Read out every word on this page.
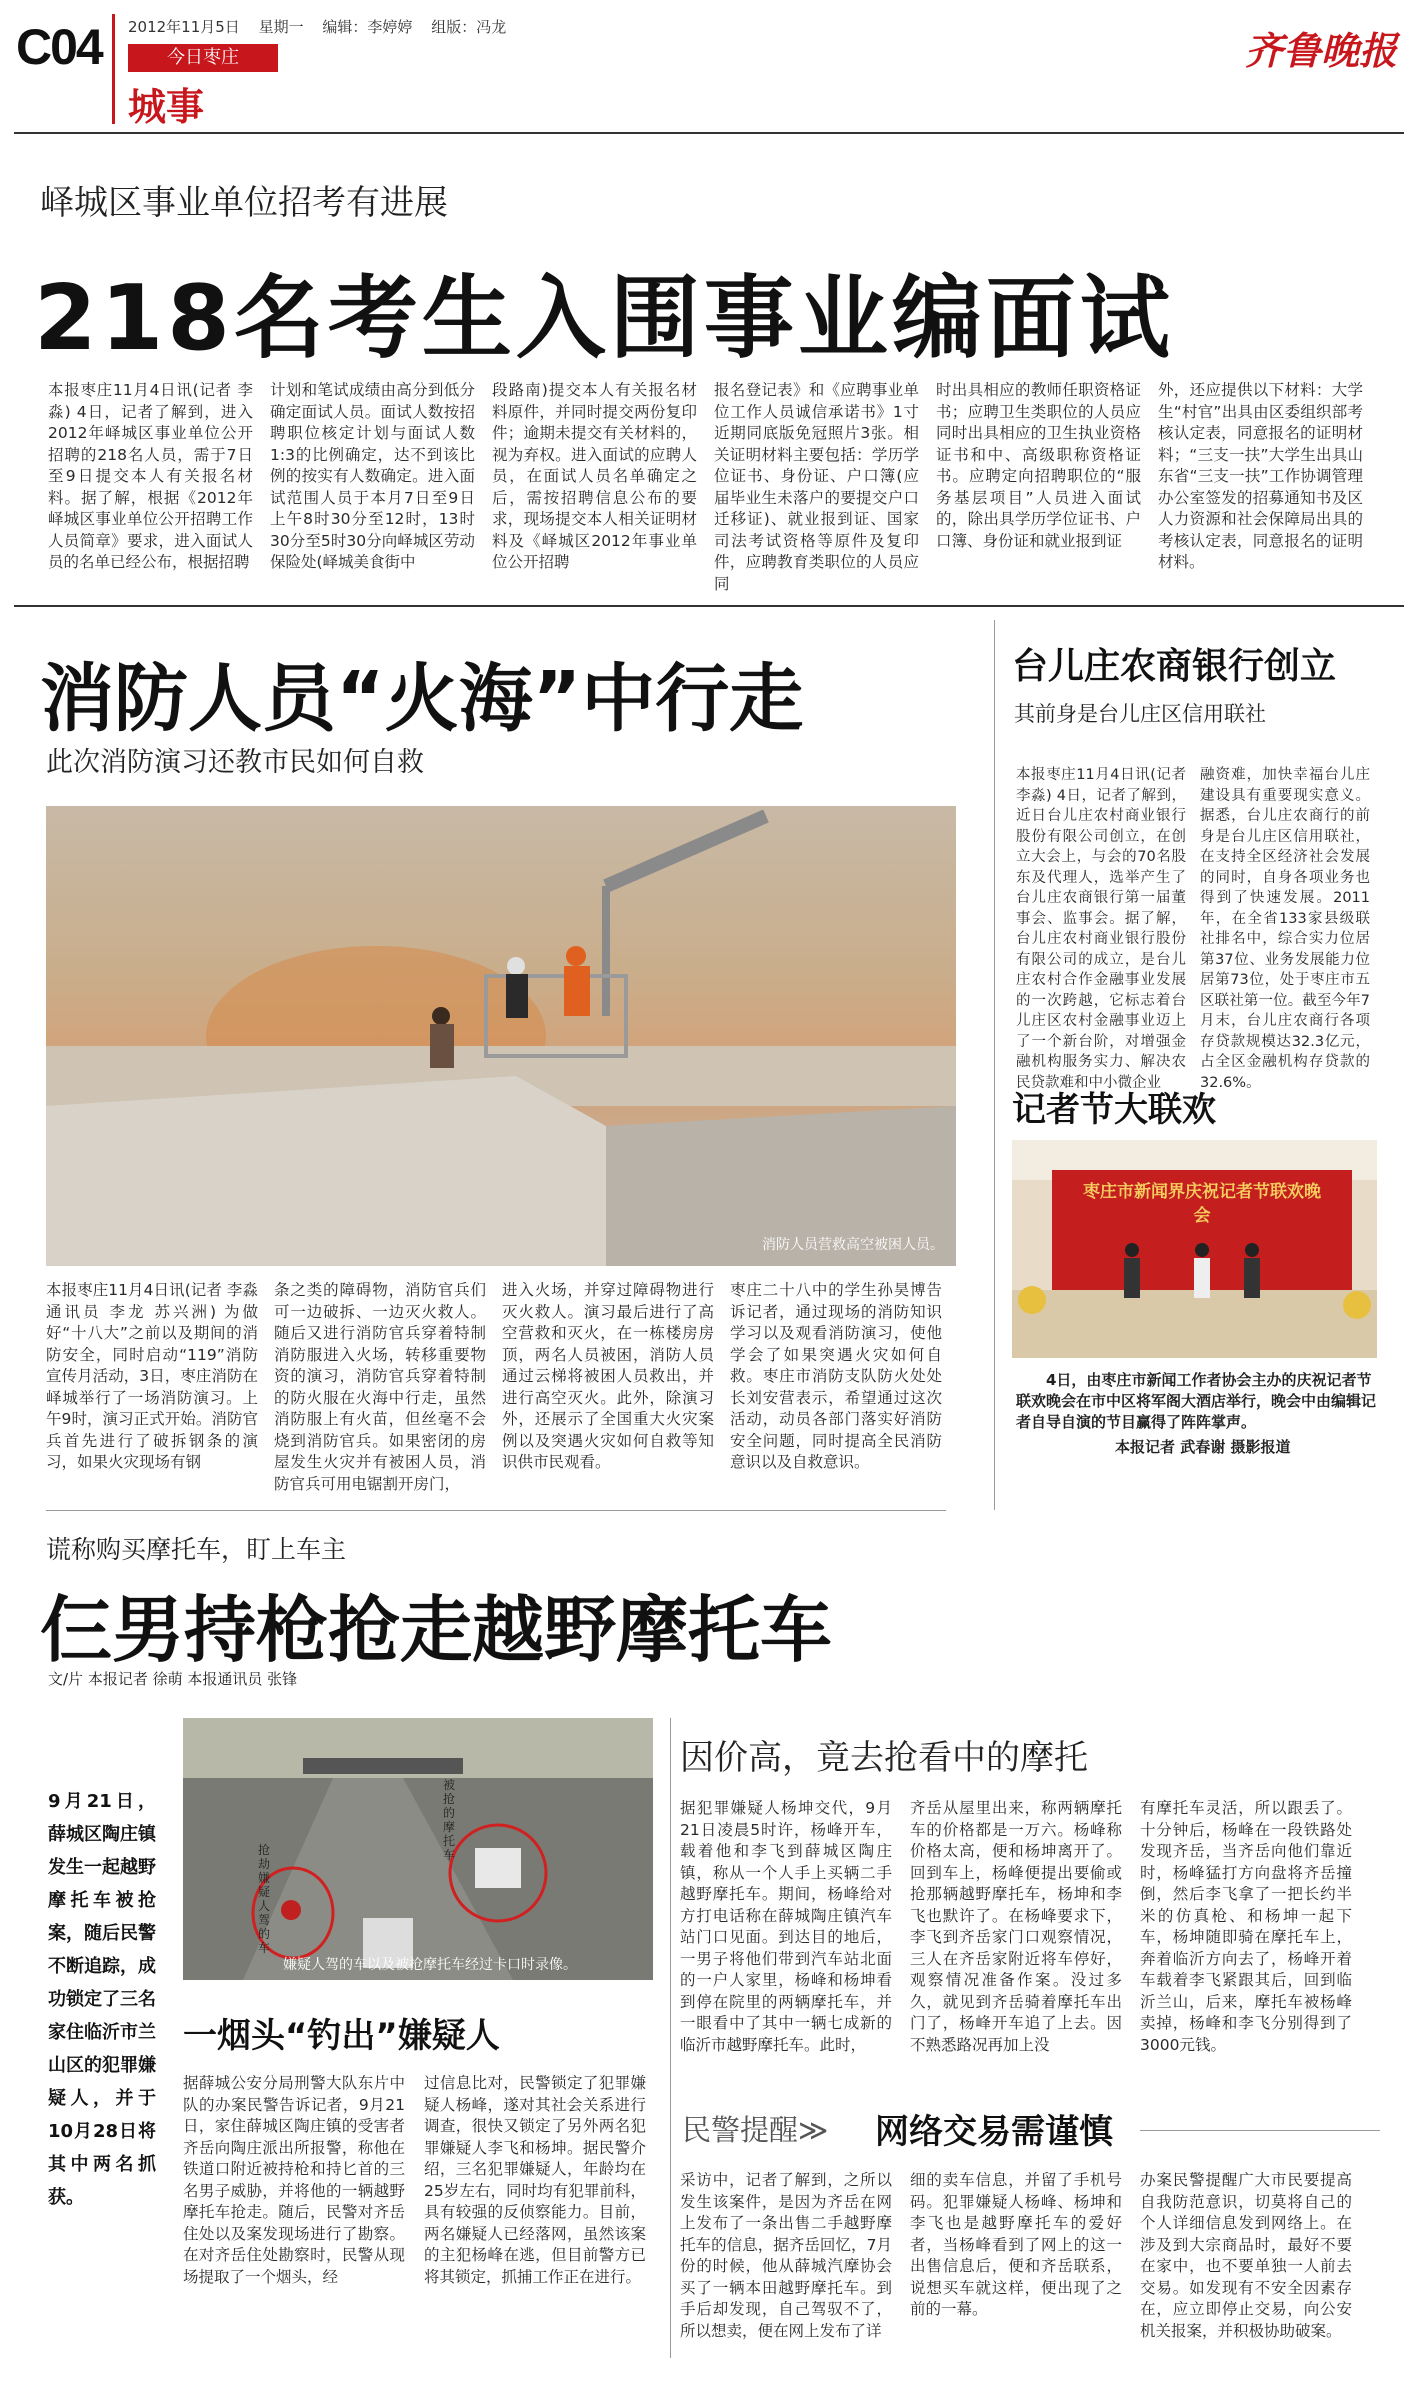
C04 2012年11月5日 星期一 编辑：李婷婷 组版：冯龙
今日枣庄
城事
齐鲁晚报
峄城区事业单位招考有进展
218名考生入围事业编面试
本报枣庄11月4日讯(记者 李淼) 4日，记者了解到，进入2012年峄城区事业单位公开招聘的218名人员，需于7日至9日提交本人有关报名材料。据了解，根据《2012年峄城区事业单位公开招聘工作人员简章》要求，进入面试人员的名单已经公布，根据招聘
计划和笔试成绩由高分到低分确定面试人员。面试人数按招聘职位核定计划与面试人数1:3的比例确定，达不到该比例的按实有人数确定。进入面试范围人员于本月7日至9日上午8时30分至12时，13时30分至5时30分向峄城区劳动保险处(峄城美食街中
段路南)提交本人有关报名材料原件，并同时提交两份复印件；逾期未提交有关材料的，视为弃权。进入面试的应聘人员，在面试人员名单确定之后，需按招聘信息公布的要求，现场提交本人相关证明材料及《峄城区2012年事业单位公开招聘
报名登记表》和《应聘事业单位工作人员诚信承诺书》1寸近期同底版免冠照片3张。相关证明材料主要包括：学历学位证书、身份证、户口簿(应届毕业生未落户的要提交户口迁移证)、就业报到证、国家司法考试资格等原件及复印件，应聘教育类职位的人员应同
时出具相应的教师任职资格证书；应聘卫生类职位的人员应同时出具相应的卫生执业资格证书和中、高级职称资格证书。应聘定向招聘职位的“服务基层项目”人员进入面试的，除出具学历学位证书、户口簿、身份证和就业报到证
外，还应提供以下材料：大学生“村官”出具由区委组织部考核认定表，同意报名的证明材料；“三支一扶”大学生出具山东省“三支一扶”工作协调管理办公室签发的招募通知书及区人力资源和社会保障局出具的考核认定表，同意报名的证明材料。
消防人员“火海”中行走
此次消防演习还教市民如何自救
消防人员营救高空被困人员。
本报枣庄11月4日讯(记者 李淼 通讯员 李龙 苏兴洲) 为做好“十八大”之前以及期间的消防安全，同时启动“119”消防宣传月活动，3日，枣庄消防在峄城举行了一场消防演习。上午9时，演习正式开始。消防官兵首先进行了破拆钢条的演习，如果火灾现场有钢
条之类的障碍物，消防官兵们可一边破拆、一边灭火救人。随后又进行消防官兵穿着特制消防服进入火场，转移重要物资的演习，消防官兵穿着特制的防火服在火海中行走，虽然消防服上有火苗，但丝毫不会烧到消防官兵。如果密闭的房屋发生火灾并有被困人员，消防官兵可用电锯割开房门，
进入火场，并穿过障碍物进行灭火救人。演习最后进行了高空营救和灭火，在一栋楼房房顶，两名人员被困，消防人员通过云梯将被困人员救出，并进行高空灭火。此外，除演习外，还展示了全国重大火灾案例以及突遇火灾如何自救等知识供市民观看。
枣庄二十八中的学生孙昊博告诉记者，通过现场的消防知识学习以及观看消防演习，使他学会了如果突遇火灾如何自救。枣庄市消防支队防火处处长刘安营表示，希望通过这次活动，动员各部门落实好消防安全问题，同时提高全民消防意识以及自救意识。
台儿庄农商银行创立
其前身是台儿庄区信用联社
本报枣庄11月4日讯(记者 李淼) 4日，记者了解到，近日台儿庄农村商业银行股份有限公司创立，在创立大会上，与会的70名股东及代理人，选举产生了台儿庄农商银行第一届董事会、监事会。据了解，台儿庄农村商业银行股份有限公司的成立，是台儿庄农村合作金融事业发展的一次跨越，它标志着台儿庄区农村金融事业迈上了一个新台阶，对增强金融机构服务实力、解决农民贷款难和中小微企业
融资难，加快幸福台儿庄建设具有重要现实意义。据悉，台儿庄农商行的前身是台儿庄区信用联社，在支持全区经济社会发展的同时，自身各项业务也得到了快速发展。2011年，在全省133家县级联社排名中，综合实力位居第37位、业务发展能力位居第73位，处于枣庄市五区联社第一位。截至今年7月末，台儿庄农商行各项存贷款规模达32.3亿元，占全区金融机构存贷款的32.6%。
记者节大联欢
枣庄市新闻界庆祝记者节联欢晚会
4日，由枣庄市新闻工作者协会主办的庆祝记者节联欢晚会在市中区将军阁大酒店举行，晚会中由编辑记者自导自演的节目赢得了阵阵掌声。
本报记者 武春谢 摄影报道
谎称购买摩托车，盯上车主
仨男持枪抢走越野摩托车
文/片 本报记者 徐萌 本报通讯员 张锋
抢劫嫌疑人驾的车
被抢的摩托车
嫌疑人驾的车以及被抢摩托车经过卡口时录像。
9月21日，薛城区陶庄镇发生一起越野摩托车被抢案，随后民警不断追踪，成功锁定了三名家住临沂市兰山区的犯罪嫌疑人，并于10月28日将其中两名抓获。
一烟头“钓出”嫌疑人
据薛城公安分局刑警大队东片中队的办案民警告诉记者，9月21日，家住薛城区陶庄镇的受害者齐岳向陶庄派出所报警，称他在铁道口附近被持枪和持匕首的三名男子威胁，并将他的一辆越野摩托车抢走。随后，民警对齐岳住处以及案发现场进行了勘察。在对齐岳住处勘察时，民警从现场提取了一个烟头，经
过信息比对，民警锁定了犯罪嫌疑人杨峰，遂对其社会关系进行调查，很快又锁定了另外两名犯罪嫌疑人李飞和杨坤。据民警介绍，三名犯罪嫌疑人，年龄均在25岁左右，同时均有犯罪前科，具有较强的反侦察能力。目前，两名嫌疑人已经落网，虽然该案的主犯杨峰在逃，但目前警方已将其锁定，抓捕工作正在进行。
因价高，竟去抢看中的摩托
据犯罪嫌疑人杨坤交代，9月21日凌晨5时许，杨峰开车，载着他和李飞到薛城区陶庄镇，称从一个人手上买辆二手越野摩托车。期间，杨峰给对方打电话称在薛城陶庄镇汽车站门口见面。到达目的地后，一男子将他们带到汽车站北面的一户人家里，杨峰和杨坤看到停在院里的两辆摩托车，并一眼看中了其中一辆七成新的临沂市越野摩托车。此时，
齐岳从屋里出来，称两辆摩托车的价格都是一万六。杨峰称价格太高，便和杨坤离开了。回到车上，杨峰便提出要偷或抢那辆越野摩托车，杨坤和李飞也默许了。在杨峰要求下，李飞到齐岳家门口观察情况，三人在齐岳家附近将车停好，观察情况准备作案。没过多久，就见到齐岳骑着摩托车出门了，杨峰开车追了上去。因不熟悉路况再加上没
有摩托车灵活，所以跟丢了。十分钟后，杨峰在一段铁路处发现齐岳，当齐岳向他们靠近时，杨峰猛打方向盘将齐岳撞倒，然后李飞拿了一把长约半米的仿真枪、和杨坤一起下车，杨坤随即骑在摩托车上，奔着临沂方向去了，杨峰开着车载着李飞紧跟其后，回到临沂兰山，后来，摩托车被杨峰卖掉，杨峰和李飞分别得到了3000元钱。
民警提醒≫ 网络交易需谨慎
采访中，记者了解到，之所以发生该案件，是因为齐岳在网上发布了一条出售二手越野摩托车的信息，据齐岳回忆，7月份的时候，他从薛城汽摩协会买了一辆本田越野摩托车。到手后却发现，自己驾驭不了，所以想卖，便在网上发布了详
细的卖车信息，并留了手机号码。犯罪嫌疑人杨峰、杨坤和李飞也是越野摩托车的爱好者，当杨峰看到了网上的这一出售信息后，便和齐岳联系，说想买车就这样，便出现了之前的一幕。
办案民警提醒广大市民要提高自我防范意识，切莫将自己的个人详细信息发到网络上。在涉及到大宗商品时，最好不要在家中，也不要单独一人前去交易。如发现有不安全因素存在，应立即停止交易，向公安机关报案，并积极协助破案。
